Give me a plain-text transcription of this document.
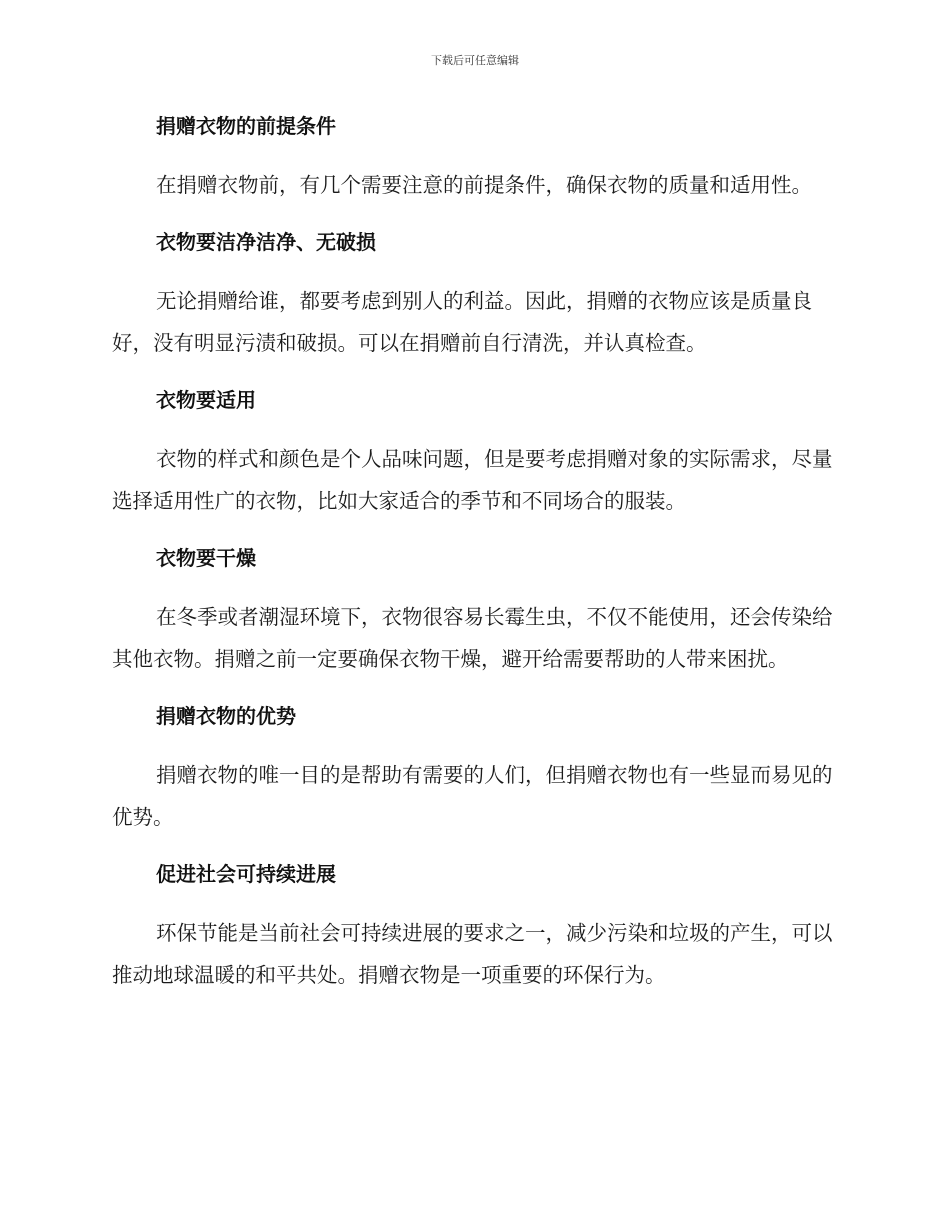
下载后可任意编辑
捐赠衣物的前提条件

在捐赠衣物前，有几个需要注意的前提条件，确保衣物的质量和适用性。

衣物要洁净洁净、无破损

无论捐赠给谁，都要考虑到别人的利益。因此，捐赠的衣物应该是质量良好，没有明显污渍和破损。可以在捐赠前自行清洗，并认真检查。

衣物要适用

衣物的样式和颜色是个人品味问题，但是要考虑捐赠对象的实际需求，尽量选择适用性广的衣物，比如大家适合的季节和不同场合的服装。

衣物要干燥

在冬季或者潮湿环境下，衣物很容易长霉生虫，不仅不能使用，还会传染给其他衣物。捐赠之前一定要确保衣物干燥，避开给需要帮助的人带来困扰。

捐赠衣物的优势

捐赠衣物的唯一目的是帮助有需要的人们，但捐赠衣物也有一些显而易见的优势。

促进社会可持续进展

环保节能是当前社会可持续进展的要求之一，减少污染和垃圾的产生，可以推动地球温暖的和平共处。捐赠衣物是一项重要的环保行为。
